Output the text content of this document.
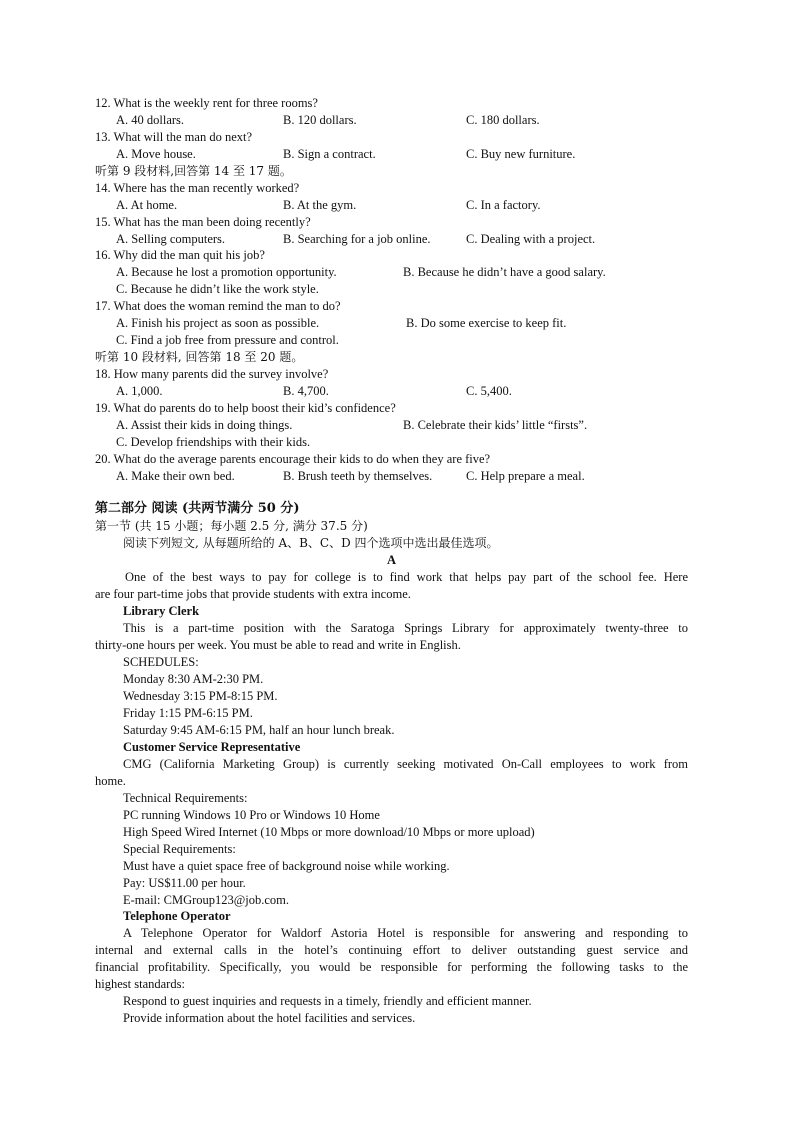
12. What is the weekly rent for three rooms?
A. 40 dollars.	B. 120 dollars.	C. 180 dollars.
13. What will the man do next?
A. Move house.	B. Sign a contract.	C. Buy new furniture.
听第 9 段材料,回答第 14 至 17 题。
14. Where has the man recently worked?
A. At home.	B. At the gym.	C. In a factory.
15. What has the man been doing recently?
A. Selling computers.	B. Searching for a job online.	C. Dealing with a project.
16. Why did the man quit his job?
A. Because he lost a promotion opportunity.	B. Because he didn’t have a good salary.
C. Because he didn’t like the work style.
17. What does the woman remind the man to do?
A. Finish his project as soon as possible.	B. Do some exercise to keep fit.
C. Find a job free from pressure and control.
听第 10 段材料, 回答第 18 至 20 题。
18. How many parents did the survey involve?
A. 1,000.	B. 4,700.	C. 5,400.
19. What do parents do to help boost their kid’s confidence?
A. Assist their kids in doing things.	B. Celebrate their kids’ little “firsts”.
C. Develop friendships with their kids.
20. What do the average parents encourage their kids to do when they are five?
A. Make their own bed.	B. Brush teeth by themselves.	C. Help prepare a meal.
第二部分 阅读 (共两节满分 50 分)
第一节 (共 15 小题；每小题 2.5 分, 满分 37.5 分)
阅读下列短文, 从每题所给的 A、B、C、D 四个选项中选出最佳选项。
A
One of the best ways to pay for college is to find work that helps pay part of the school fee. Here
are four part-time jobs that provide students with extra income.
Library Clerk
This is a part-time position with the Saratoga Springs Library for approximately twenty-three to
thirty-one hours per week. You must be able to read and write in English.
SCHEDULES:
Monday 8:30 AM-2:30 PM.
Wednesday 3:15 PM-8:15 PM.
Friday 1:15 PM-6:15 PM.
Saturday 9:45 AM-6:15 PM, half an hour lunch break.
Customer Service Representative
CMG (California Marketing Group) is currently seeking motivated On-Call employees to work from
home.
Technical Requirements:
PC running Windows 10 Pro or Windows 10 Home
High Speed Wired Internet (10 Mbps or more download/10 Mbps or more upload)
Special Requirements:
Must have a quiet space free of background noise while working.
Pay: US$11.00 per hour.
E-mail: CMGroup123@job.com.
Telephone Operator
A Telephone Operator for Waldorf Astoria Hotel is responsible for answering and responding to
internal and external calls in the hotel’s continuing effort to deliver outstanding guest service and
financial profitability. Specifically, you would be responsible for performing the following tasks to the
highest standards:
Respond to guest inquiries and requests in a timely, friendly and efficient manner.
Provide information about the hotel facilities and services.
